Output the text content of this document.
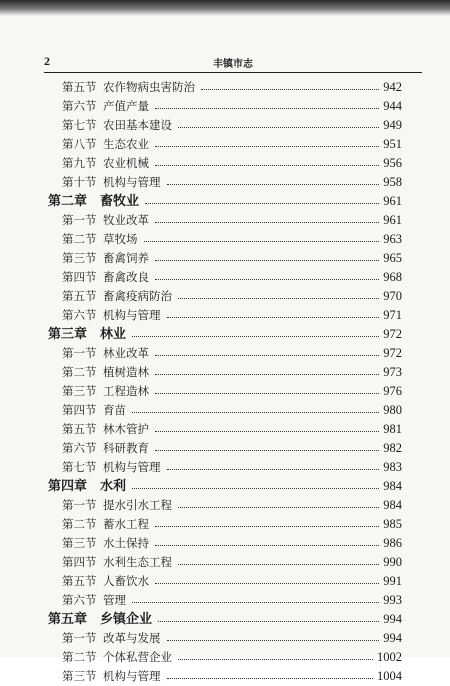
2	丰镇市志
第五节 农作物病虫害防治	942
第六节 产值产量	944
第七节 农田基本建设	949
第八节 生态农业	951
第九节 农业机械	956
第十节 机构与管理	958
第二章 畜牧业	961
第一节 牧业改革	961
第二节 草牧场	963
第三节 畜禽饲养	965
第四节 畜禽改良	968
第五节 畜禽疫病防治	970
第六节 机构与管理	971
第三章 林业	972
第一节 林业改革	972
第二节 植树造林	973
第三节 工程造林	976
第四节 育苗	980
第五节 林木管护	981
第六节 科研教育	982
第七节 机构与管理	983
第四章 水利	984
第一节 提水引水工程	984
第二节 蓄水工程	985
第三节 水土保持	986
第四节 水利生态工程	990
第五节 人畜饮水	991
第六节 管理	993
第五章 乡镇企业	994
第一节 改革与发展	994
第二节 个体私营企业	1002
第三节 机构与管理	1004
